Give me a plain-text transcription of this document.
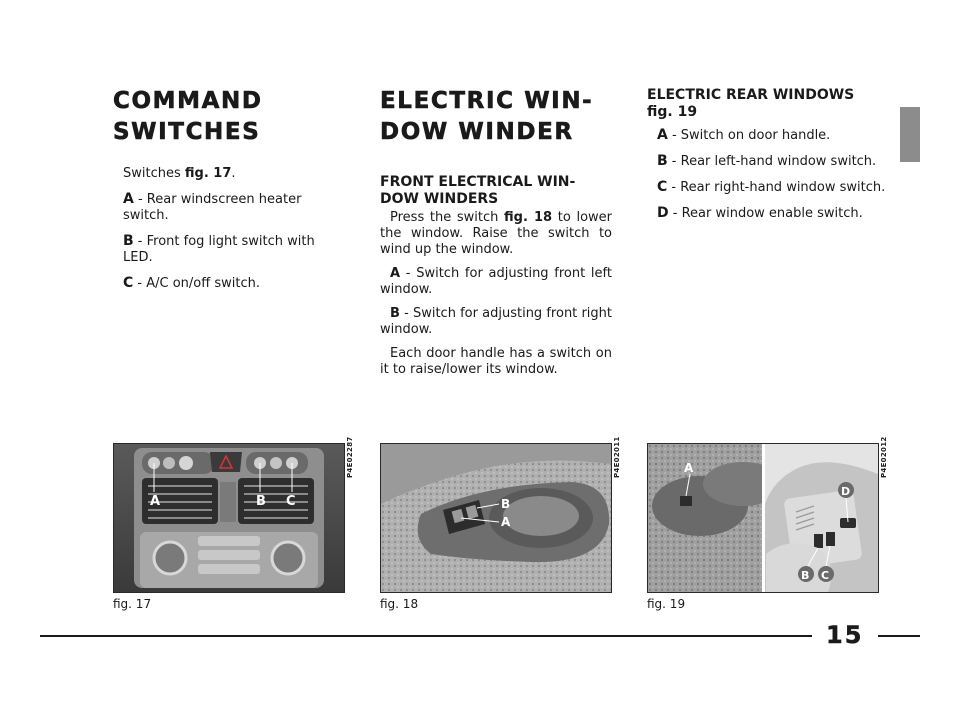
COMMAND
SWITCHES

Switches fig. 17.

A - Rear windscreen heater switch.
B - Front fog light switch with LED.
C - A/C on/off switch.
ELECTRIC WIN-
DOW WINDER
FRONT ELECTRICAL WIN-
DOW WINDERS

Press the switch fig. 18 to lower the window. Raise the switch to wind up the window.

A - Switch for adjusting front left window.

B - Switch for adjusting front right window.

Each door handle has a switch on it to raise/lower its window.

ELECTRIC REAR WINDOWS
fig. 19
A - Switch on door handle.
B - Rear left-hand window switch.
C - Rear right-hand window switch.
D - Rear window enable switch.
A	B C
P4E02287
fig. 17
B
A
P4E02011
fig. 18
A
D
B C
P4E02012
fig. 19
15
